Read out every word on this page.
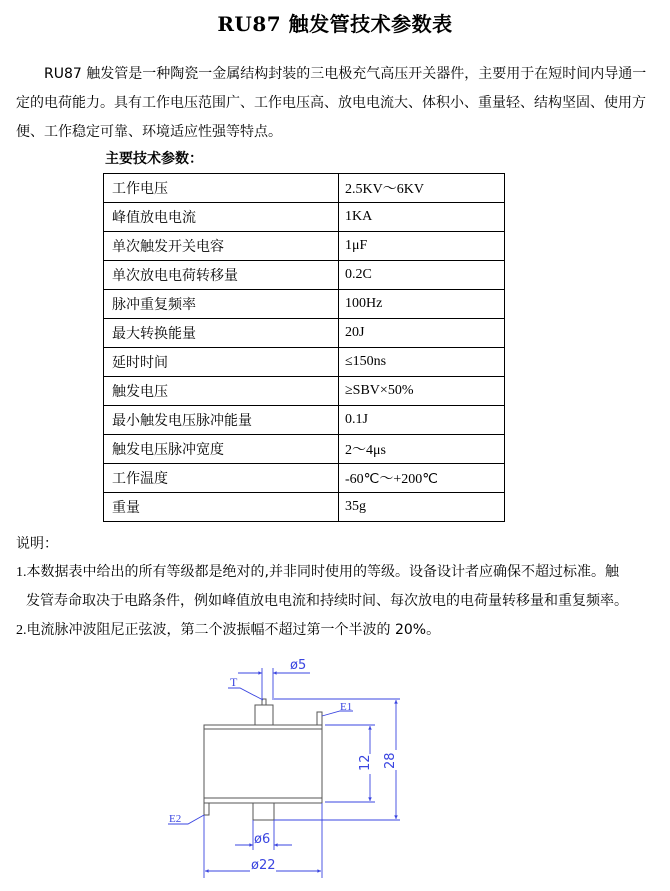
RU87 触发管技术参数表

RU87 触发管是一种陶瓷一金属结构封装的三电极充气高压开关器件，主要用于在短时间内导通一定的电荷能力。具有工作电压范围广、工作电压高、放电电流大、体积小、重量轻、结构坚固、使用方便、工作稳定可靠、环境适应性强等特点。

主要技术参数：
工作电压	2.5KV～6KV
峰值放电电流	1KA
单次触发开关电容	1μF
单次放电电荷转移量	0.2C
脉冲重复频率	100Hz
最大转换能量	20J
延时时间	≤150ns
触发电压	≥SBV×50%
最小触发电压脉冲能量	0.1J
触发电压脉冲宽度	2～4μs
工作温度	-60℃～+200℃
重量	35g
说明：

1.本数据表中给出的所有等级都是绝对的,并非同时使用的等级。设备设计者应确保不超过标准。触

发管寿命取决于电路条件，例如峰值放电电流和持续时间、每次放电的电荷量转移量和重复频率。

2.电流脉冲波阻尼正弦波，第二个波振幅不超过第一个半波的 20%。

T
E1
E2
ø5
12 28
ø6
ø22
